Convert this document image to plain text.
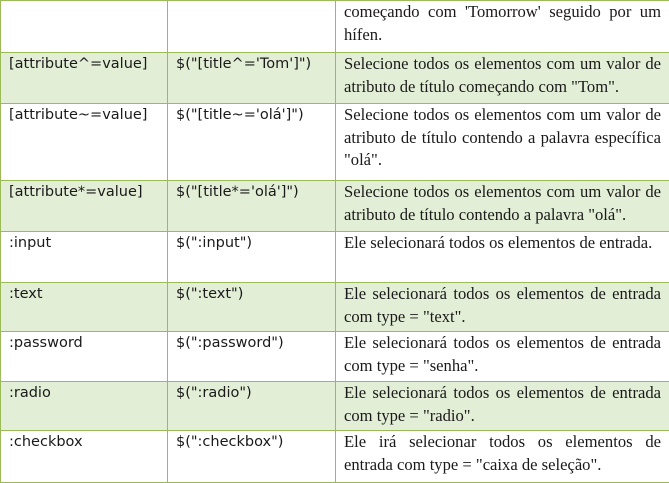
		começando com 'Tomorrow' seguido por um hífen.
[attribute^=value]	$("[title^='Tom']")	Selecione todos os elementos com um valor de atributo de título começando com "Tom".
[attribute~=value]	$("[title~='olá']")	Selecione todos os elementos com um valor de atributo de título contendo a palavra específica "olá".
[attribute*=value]	$("[title*='olá']")	Selecione todos os elementos com um valor de atributo de título contendo a palavra "olá".
:input	$(":input")	Ele selecionará todos os elementos de entrada.
:text	$(":text")	Ele selecionará todos os elementos de entrada com type = "text".
:password	$(":password")	Ele selecionará todos os elementos de entrada com type = "senha".
:radio	$(":radio")	Ele selecionará todos os elementos de entrada com type = "radio".
:checkbox	$(":checkbox")	Ele irá selecionar todos os elementos de entrada com type = "caixa de seleção".
